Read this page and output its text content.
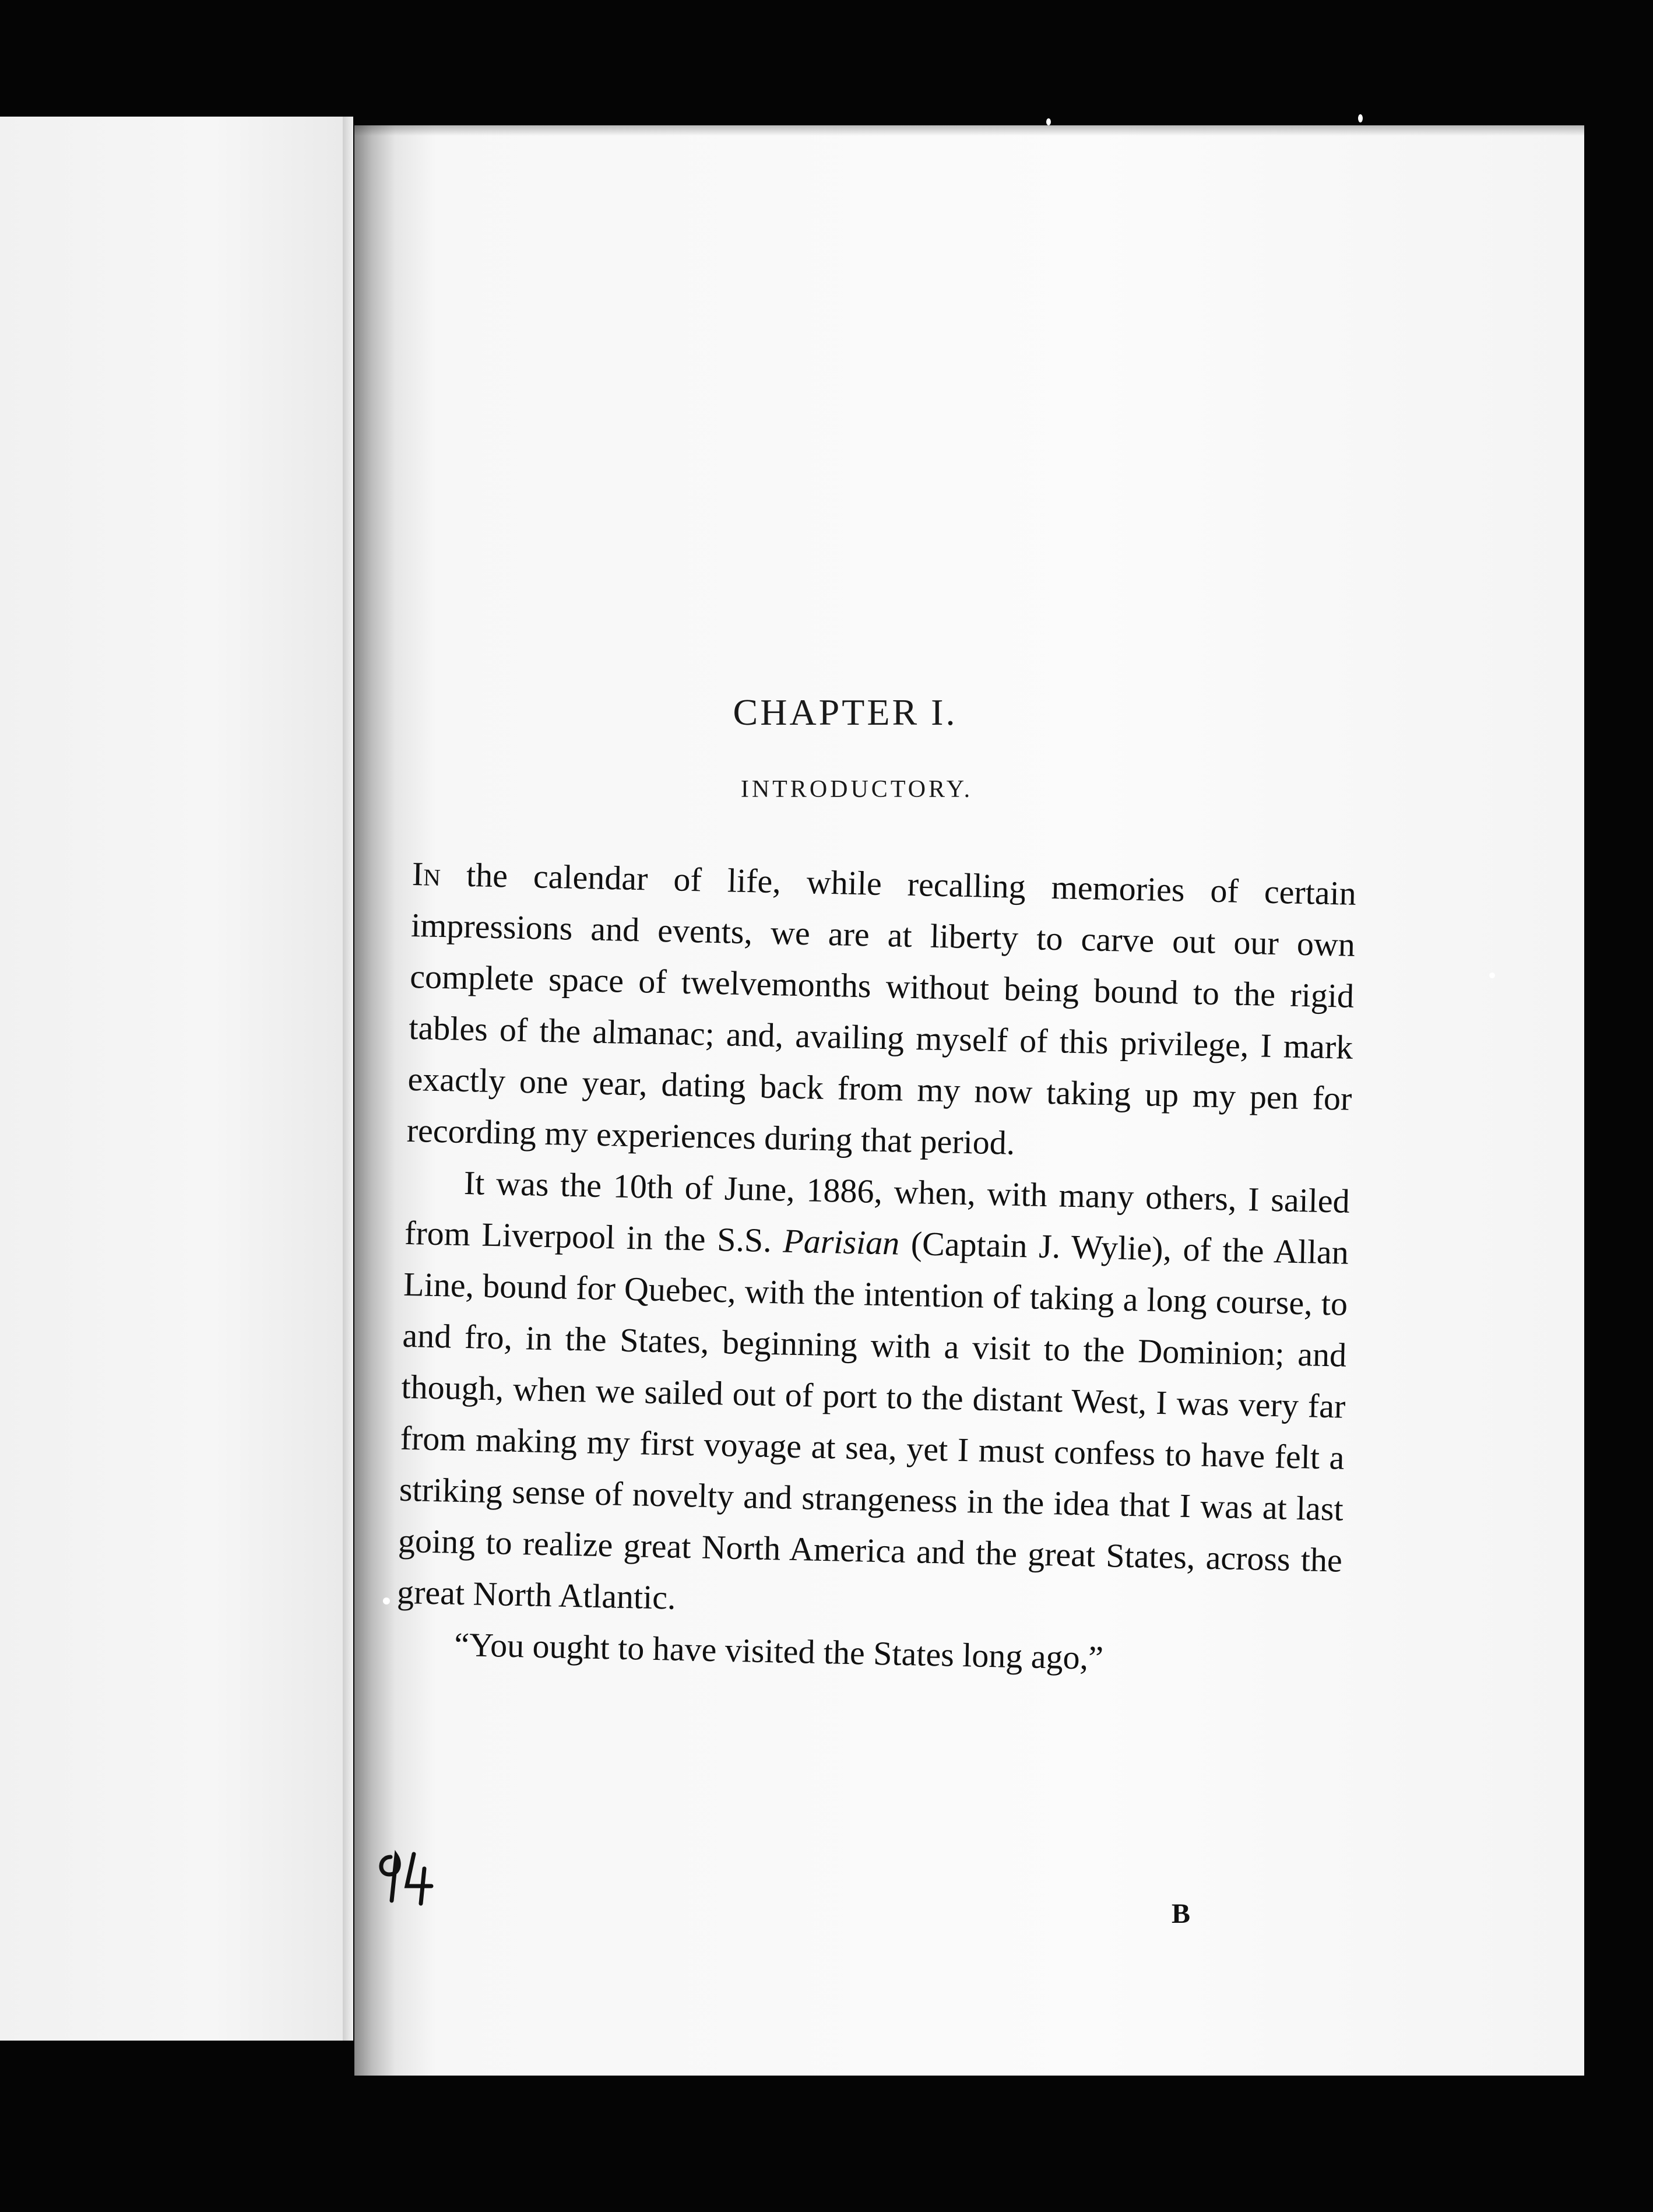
CHAPTER I.
INTRODUCTORY.

In the calendar of life, while recalling memories of certain impressions and events, we are at liberty to carve out our own complete space of twelvemonths without being bound to the rigid tables of the almanac; and, availing myself of this privilege, I mark exactly one year, dating back from my now taking up my pen for recording my experiences during that period.

It was the 10th of June, 1886, when, with many others, I sailed from Liverpool in the S.S. Parisian (Captain J. Wylie), of the Allan Line, bound for Quebec, with the intention of taking a long course, to and fro, in the States, beginning with a visit to the Dominion; and though, when we sailed out of port to the distant West, I was very far from making my first voyage at sea, yet I must confess to have felt a striking sense of novelty and strangeness in the idea that I was at last going to realize great North America and the great States, across the great North Atlantic.

“You ought to have visited the States long ago,”

B
